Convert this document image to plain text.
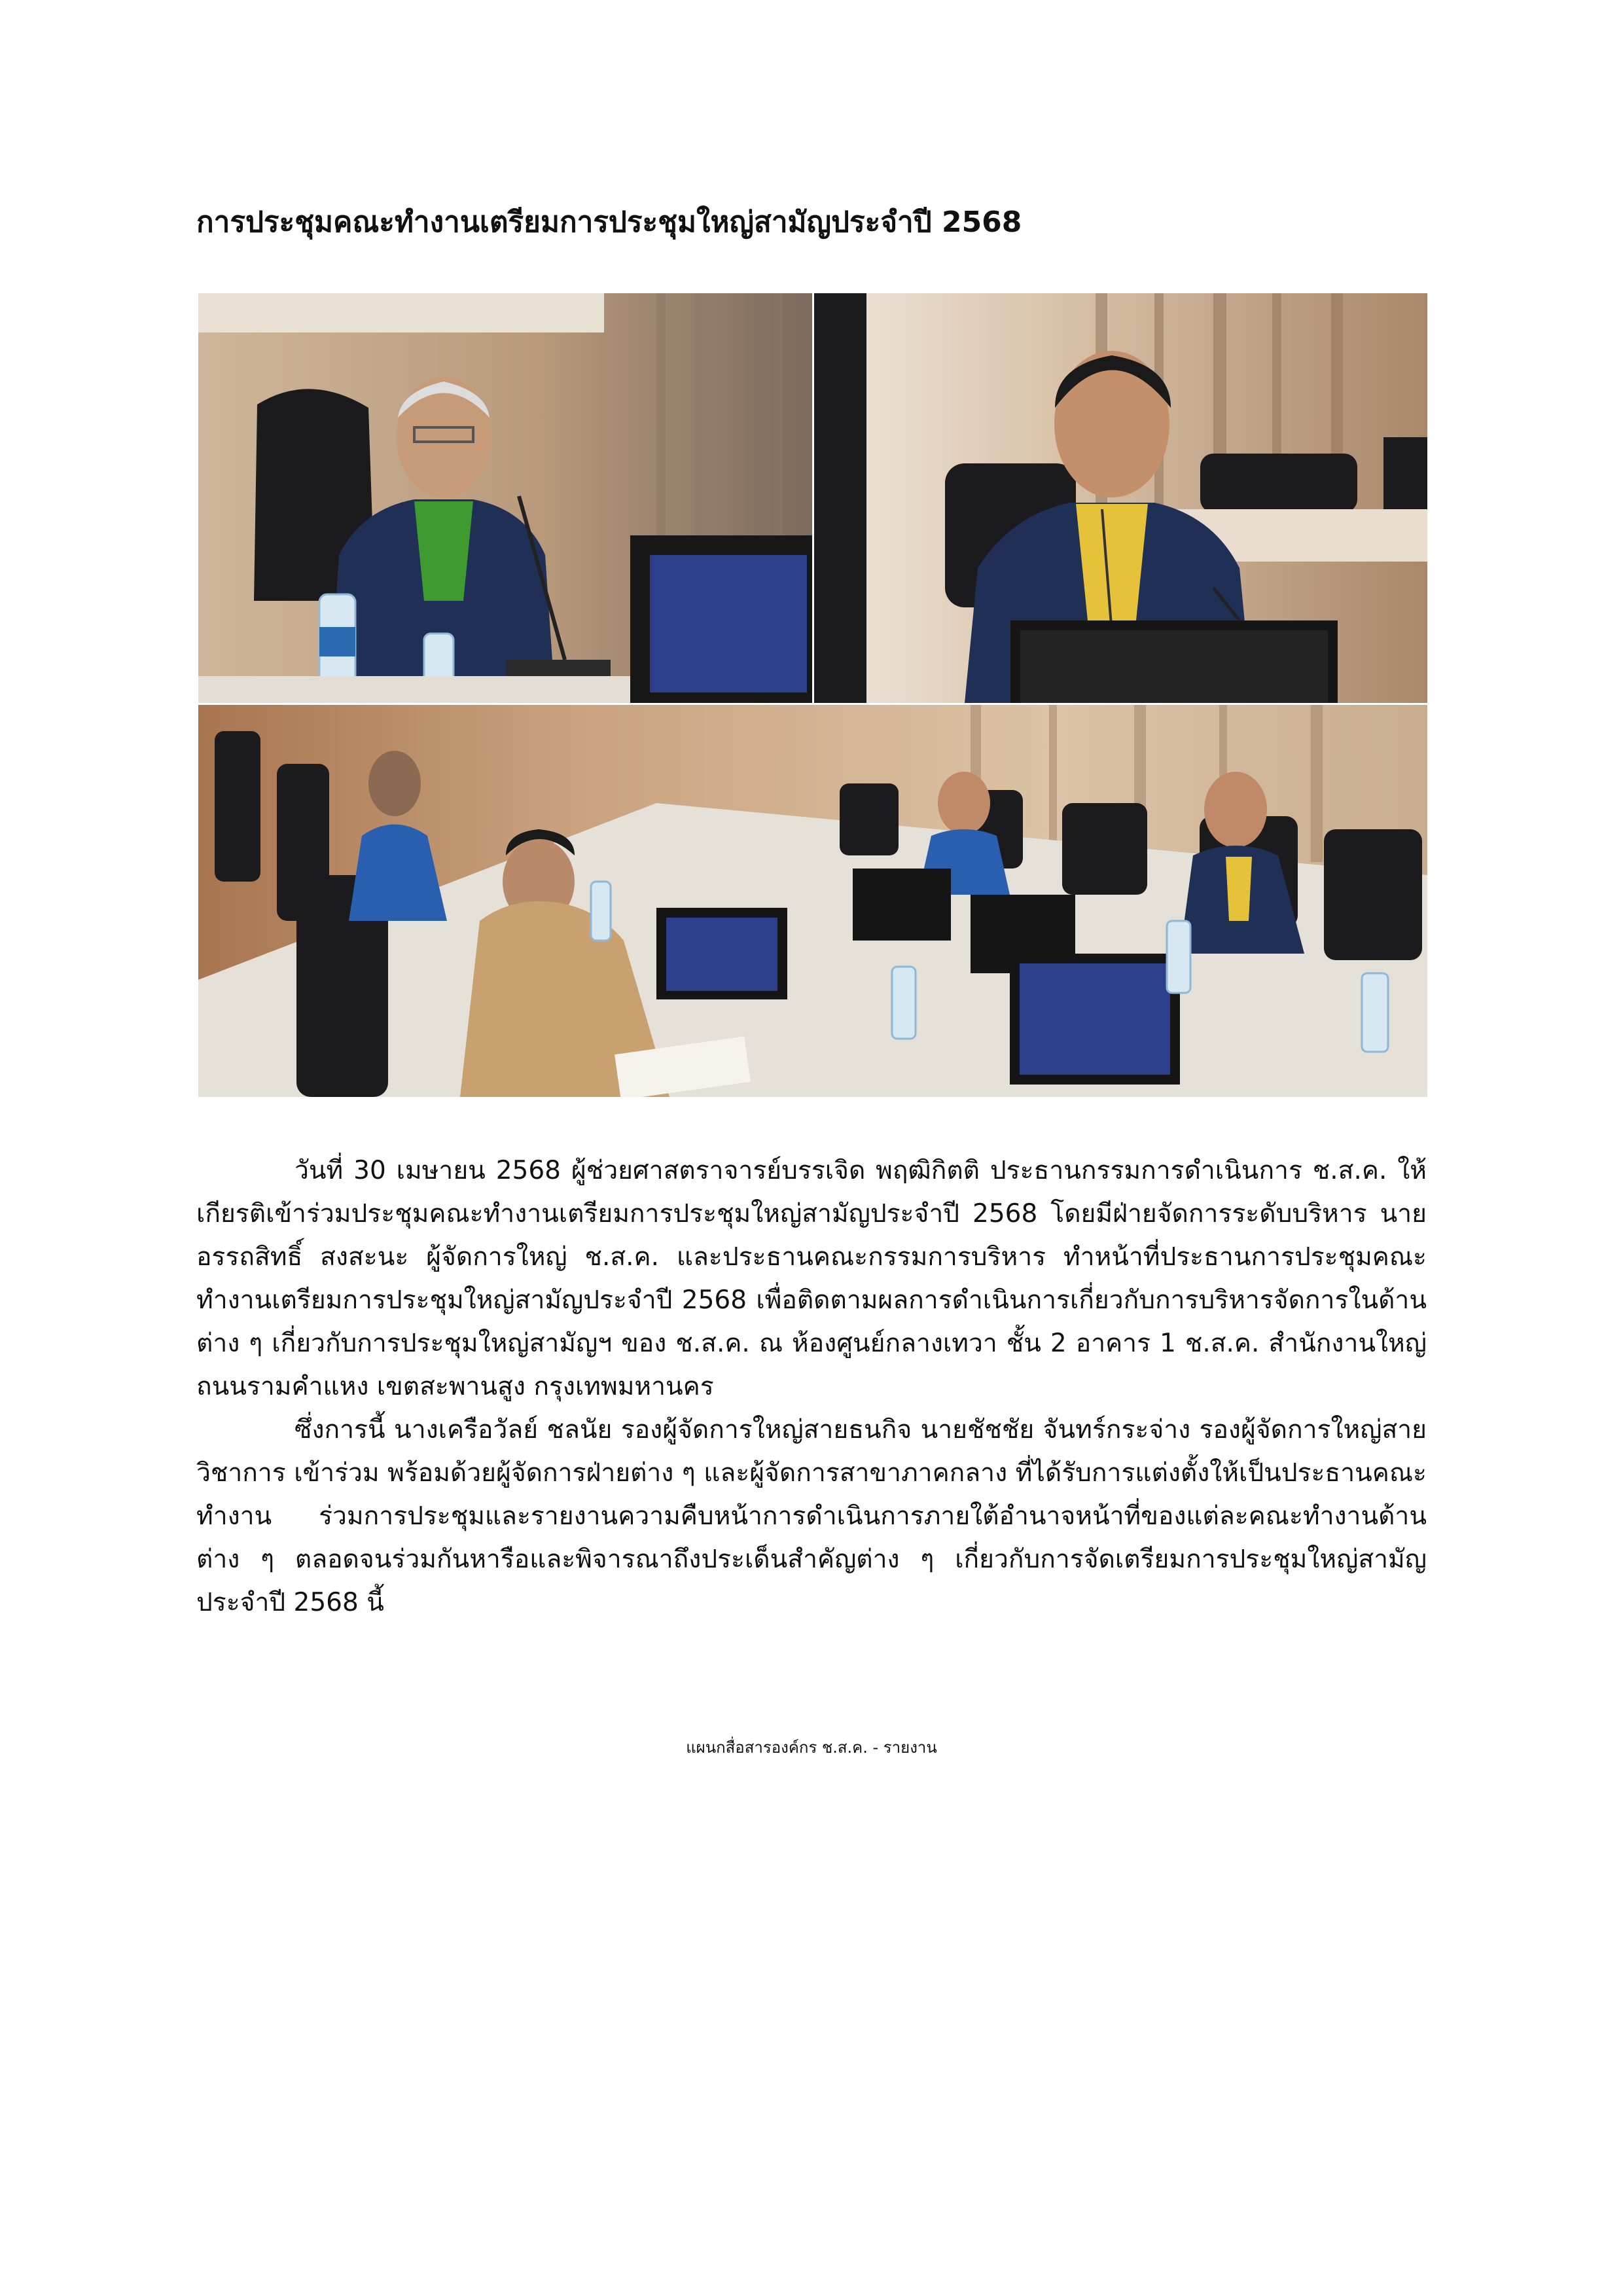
การประชุมคณะทำงานเตรียมการประชุมใหญ่สามัญประจำปี 2568

วันที่ 30 เมษายน 2568 ผู้ช่วยศาสตราจารย์บรรเจิด พฤฒิกิตติ ประธานกรรมการดำเนินการ ช.ส.ค. ให้เกียรติเข้าร่วมประชุมคณะทำงานเตรียมการประชุมใหญ่สามัญประจำปี 2568 โดยมีฝ่ายจัดการระดับบริหาร นายอรรถสิทธิ์ สงสะนะ ผู้จัดการใหญ่ ช.ส.ค. และประธานคณะกรรมการบริหาร ทำหน้าที่ประธานการประชุมคณะทำงานเตรียมการประชุมใหญ่สามัญประจำปี 2568 เพื่อติดตามผลการดำเนินการเกี่ยวกับการบริหารจัดการในด้านต่าง ๆ เกี่ยวกับการประชุมใหญ่สามัญฯ ของ ช.ส.ค. ณ ห้องศูนย์กลางเทวา ชั้น 2 อาคาร 1 ช.ส.ค. สำนักงานใหญ่ ถนนรามคำแหง เขตสะพานสูง กรุงเทพมหานคร

ซึ่งการนี้ นางเครือวัลย์ ชลนัย รองผู้จัดการใหญ่สายธนกิจ นายชัชชัย จันทร์กระจ่าง รองผู้จัดการใหญ่สายวิชาการ เข้าร่วม พร้อมด้วยผู้จัดการฝ่ายต่าง ๆ และผู้จัดการสาขาภาคกลาง ที่ได้รับการแต่งตั้งให้เป็นประธานคณะทำงาน ร่วมการประชุมและรายงานความคืบหน้าการดำเนินการภายใต้อำนาจหน้าที่ของแต่ละคณะทำงานด้านต่าง ๆ ตลอดจนร่วมกันหารือและพิจารณาถึงประเด็นสำคัญต่าง ๆ เกี่ยวกับการจัดเตรียมการประชุมใหญ่สามัญประจำปี 2568 นี้

แผนกสื่อสารองค์กร ช.ส.ค. - รายงาน
